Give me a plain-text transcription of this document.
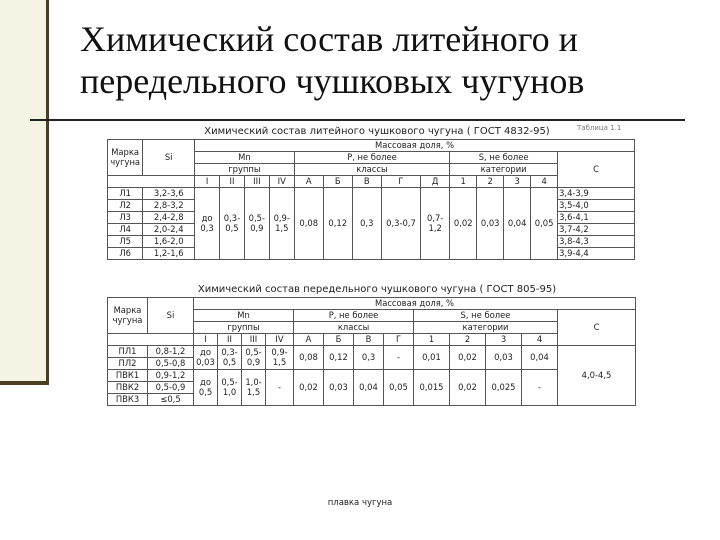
Химический состав литейного и передельного чушковых чугунов
Таблица 1.1
Химический состав литейного чушкового чугуна ( ГОСТ 4832-95)
Марка чугуна	Si	Массовая доля, %													
		Mn				P, не более					S, не более				C
		группы				классы					категории				
		I	II	III	IV	А	Б	В	Г	Д	1	2	3	4	
Л1	3,2-3,6	до 0,3	0,3- 0,5	0,5- 0,9	0,9- 1,5	0,08	0,12	0,3	0,3-0,7	0,7- 1,2	0,02	0,03	0,04	0,05	3,4-3,9
Л2	2,8-3,2														3,5-4,0
Л3	2,4-2,8														3,6-4,1
Л4	2,0-2,4														3,7-4,2
Л5	1,6-2,0														3,8-4,3
Л6	1,2-1,6														3,9-4,4
Химический состав передельного чушкового чугуна ( ГОСТ 805-95)
Марка чугуна	Si	Массовая доля, %												
		Mn				P, не более				S, не более				C
		группы				классы				категории				
		I	II	III	IV	А	Б	В	Г	1	2	3	4	
ПЛ1	0,8-1,2	до 0,03	0,3- 0,5	0,5- 0,9	0,9- 1,5	0,08	0,12	0,3	-	0,01	0,02	0,03	0,04	4,0-4,5
ПЛ2	0,5-0,8													
ПВК1	0,9-1,2	до 0,5	0,5- 1,0	1,0- 1,5	-	0,02	0,03	0,04	0,05	0,015	0,02	0,025	-	
ПВК2	0,5-0,9													
ПВК3	≤0,5													
плавка чугуна
